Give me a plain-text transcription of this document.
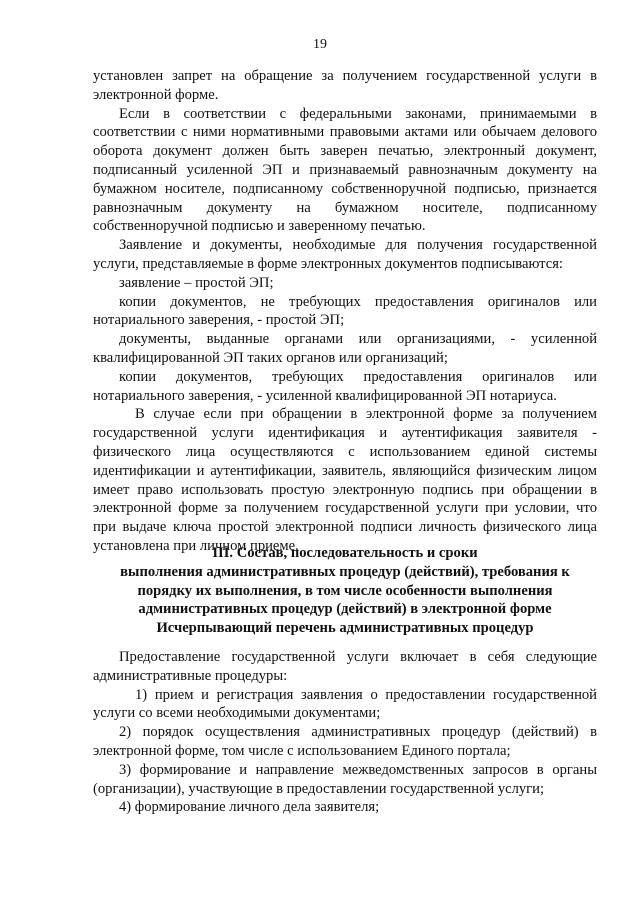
19

установлен запрет на обращение за получением государственной услуги в электронной форме.

Если в соответствии с федеральными законами, принимаемыми в соответствии с ними нормативными правовыми актами или обычаем делового оборота документ должен быть заверен печатью, электронный документ, подписанный усиленной ЭП и признаваемый равнозначным документу на бумажном носителе, подписанному собственноручной подписью, признается равнозначным документу на бумажном носителе, подписанному собственноручной подписью и заверенному печатью.

Заявление и документы, необходимые для получения государственной услуги, представляемые в форме электронных документов подписываются:

заявление – простой ЭП;

копии документов, не требующих предоставления оригиналов или нотариального заверения, - простой ЭП;

документы, выданные органами или организациями, - усиленной квалифицированной ЭП таких органов или организаций;

копии документов, требующих предоставления оригиналов или нотариального заверения, - усиленной квалифицированной ЭП нотариуса.

В случае если при обращении в электронной форме за получением государственной услуги идентификация и аутентификация заявителя - физического лица осуществляются с использованием единой системы идентификации и аутентификации, заявитель, являющийся физическим лицом имеет право использовать простую электронную подпись при обращении в электронной форме за получением государственной услуги при условии, что при выдаче ключа простой электронной подписи личность физического лица установлена при личном приеме.

III. Состав, последовательность и сроки
выполнения административных процедур (действий), требования к
порядку их выполнения, в том числе особенности выполнения
административных процедур (действий) в электронной форме
Исчерпывающий перечень административных процедур

Предоставление государственной услуги включает в себя следующие административные процедуры:

1) прием и регистрация заявления о предоставлении государственной услуги со всеми необходимыми документами;

2) порядок осуществления административных процедур (действий) в электронной форме, том числе с использованием Единого портала;

3) формирование и направление межведомственных запросов в органы (организации), участвующие в предоставлении государственной услуги;

4) формирование личного дела заявителя;
